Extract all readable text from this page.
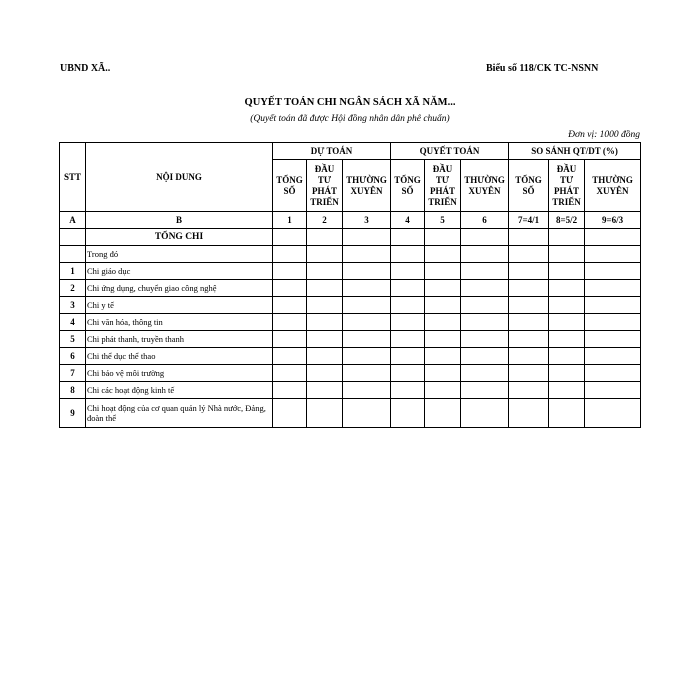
UBND XÃ..	Biểu số 118/CK TC-NSNN
QUYẾT TOÁN CHI NGÂN SÁCH XÃ NĂM...
(Quyết toán đã được Hội đồng nhân dân phê chuẩn)
Đơn vị: 1000 đồng
STT	NỘI DUNG	DỰ TOÁN			QUYẾT TOÁN			SO SÁNH QT/DT (%)		
		TỔNG SỐ	ĐẦU TƯ PHÁT TRIỂN	THƯỜNG XUYÊN	TỔNG SỐ	ĐẦU TƯ PHÁT TRIỂN	THƯỜNG XUYÊN	TỔNG SỐ	ĐẦU TƯ PHÁT TRIỂN	THƯỜNG XUYÊN
A	B	1	2	3	4	5	6	7=4/1	8=5/2	9=6/3
	TỔNG CHI									
	Trong đó									
1	Chi giáo dục									
2	Chi ứng dụng, chuyển giao công nghệ									
3	Chi y tế									
4	Chi văn hóa, thông tin									
5	Chi phát thanh, truyền thanh									
6	Chi thể dục thể thao									
7	Chi bảo vệ môi trường									
8	Chi các hoạt động kinh tế									
9	Chi hoạt động của cơ quan quản lý Nhà nước, Đảng, đoàn thể									
